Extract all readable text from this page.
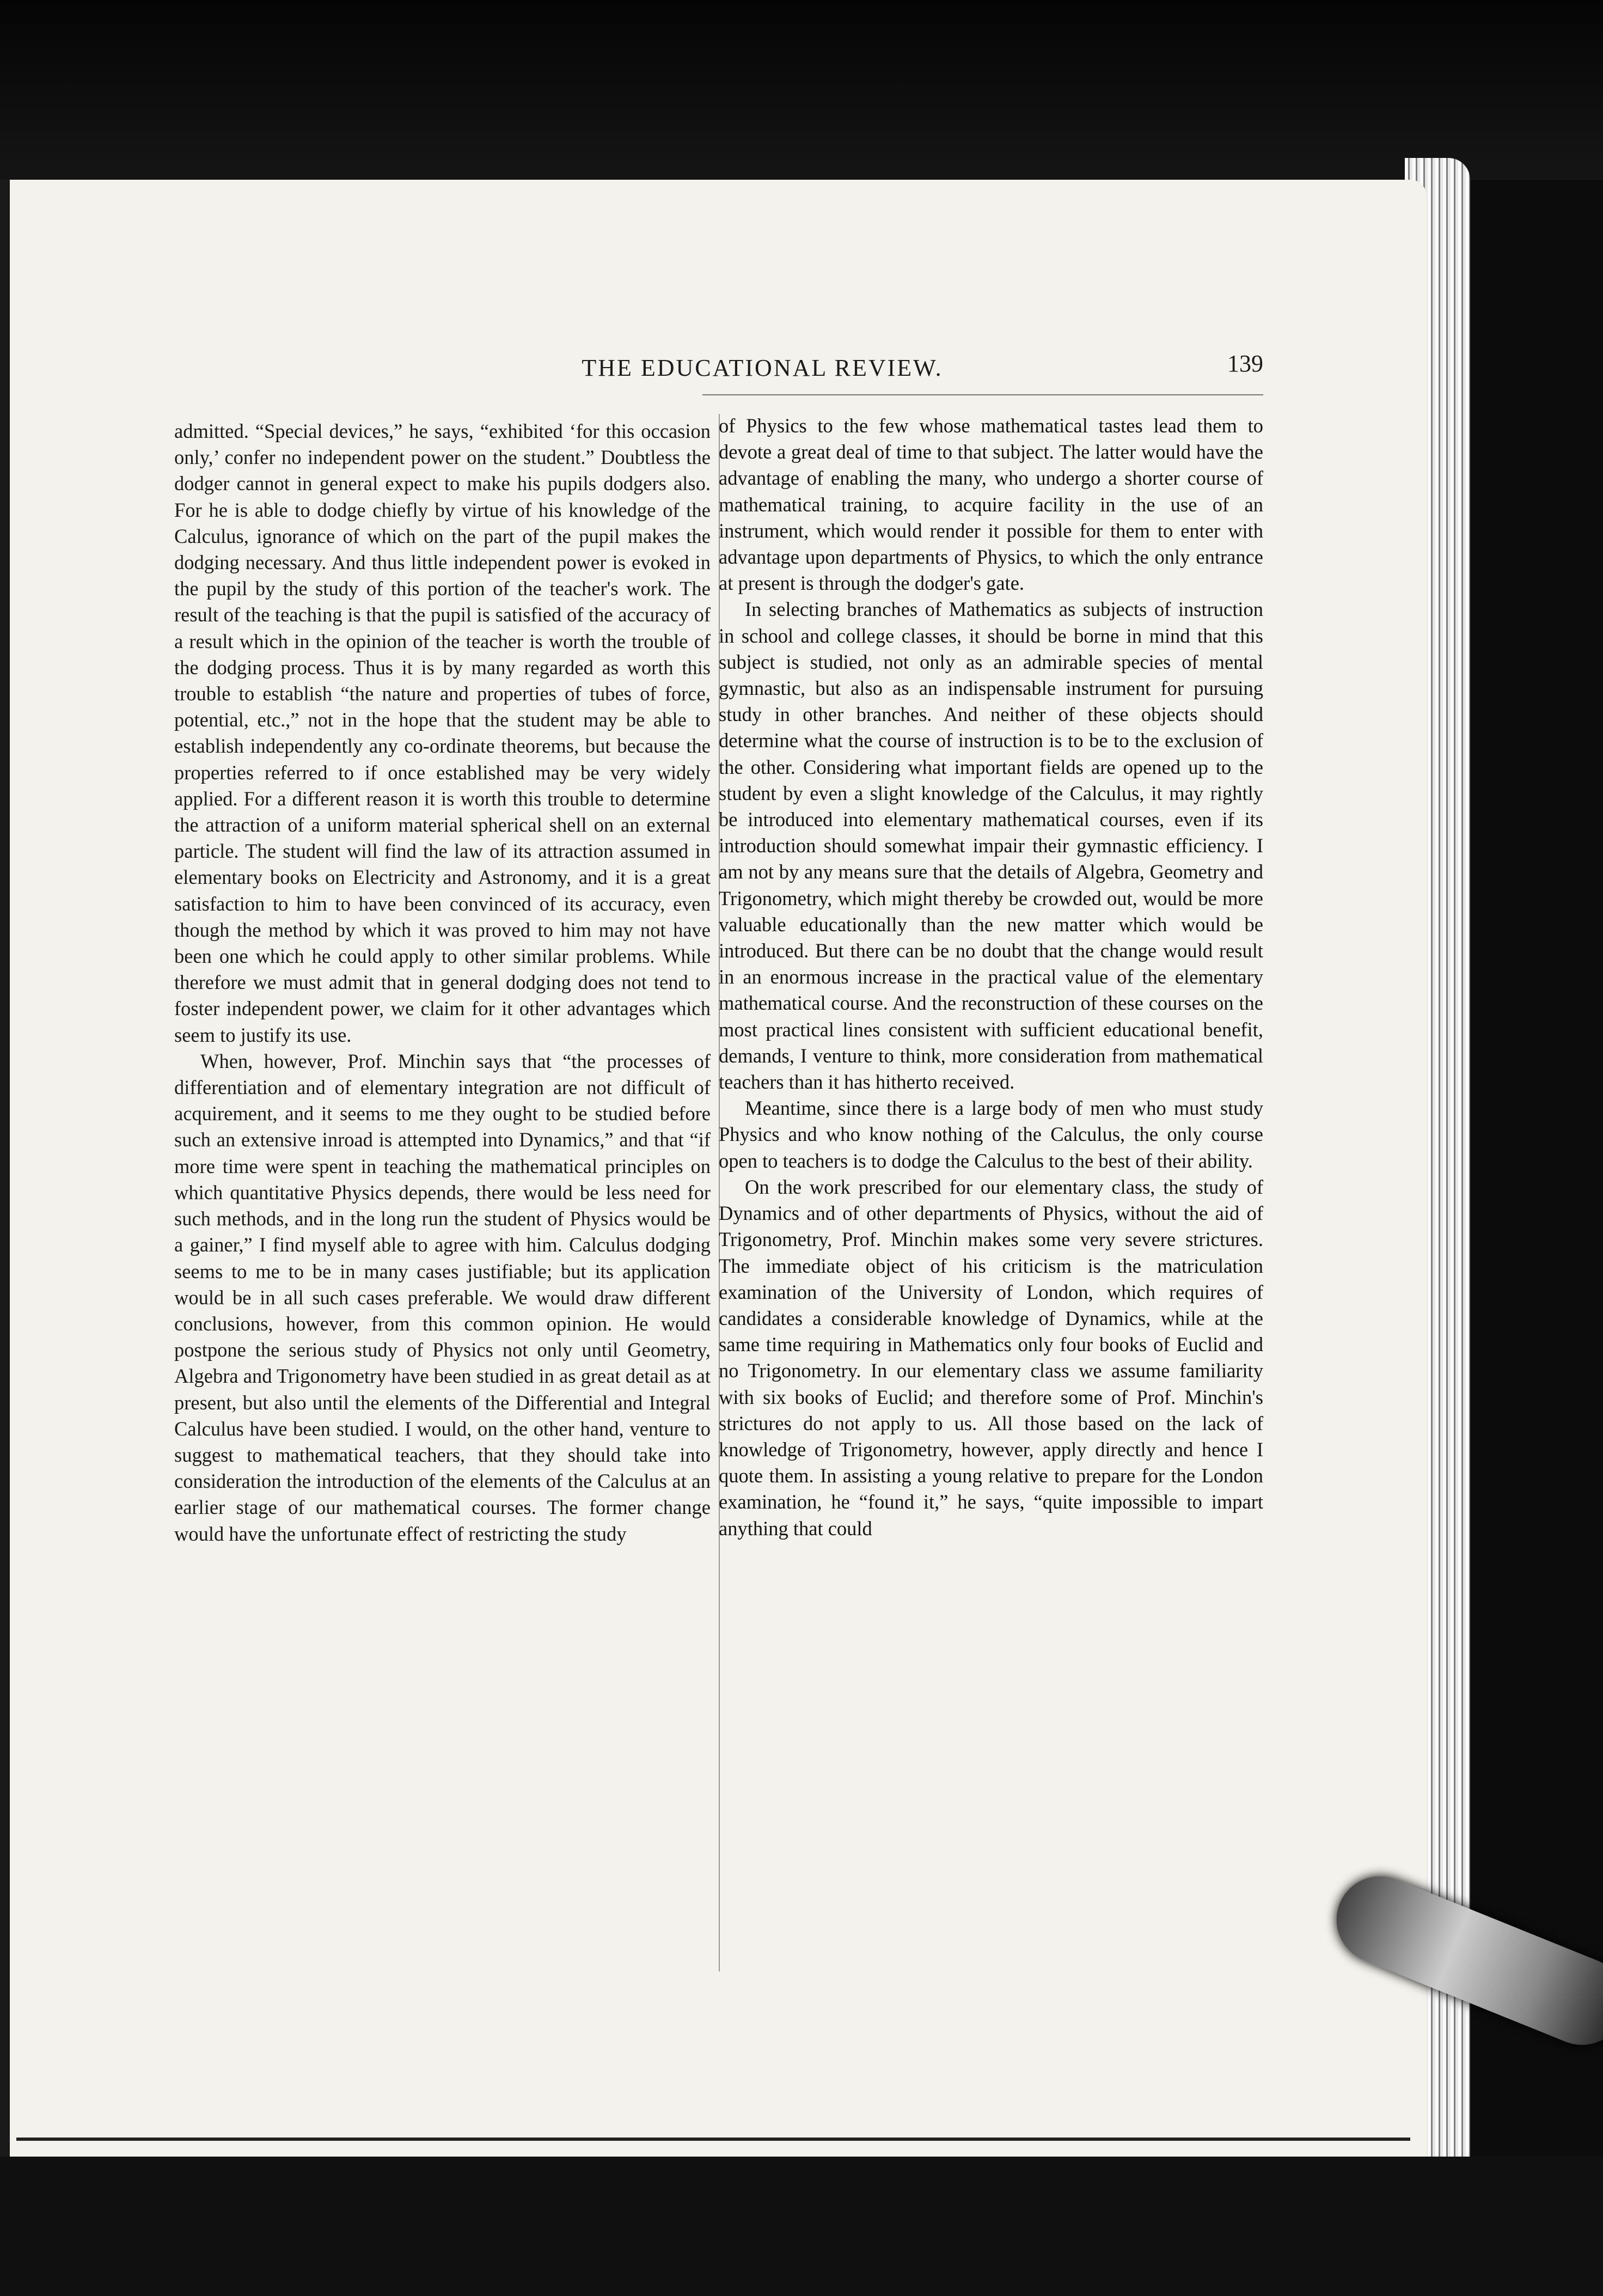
THE EDUCATIONAL REVIEW.	139

admitted. “Special devices,” he says, “exhibited ‘for this occasion only,’ confer no independent power on the student.” Doubtless the dodger cannot in general expect to make his pupils dodgers also. For he is able to dodge chiefly by virtue of his knowledge of the Calculus, ignorance of which on the part of the pupil makes the dodging necessary. And thus little independent power is evoked in the pupil by the study of this portion of the teacher's work. The result of the teaching is that the pupil is satisfied of the accuracy of a result which in the opinion of the teacher is worth the trouble of the dodging process. Thus it is by many regarded as worth this trouble to establish “the nature and properties of tubes of force, potential, etc.,” not in the hope that the student may be able to establish independently any co-ordinate theorems, but because the properties referred to if once established may be very widely applied. For a different reason it is worth this trouble to determine the attraction of a uniform material spherical shell on an external particle. The student will find the law of its attraction assumed in elementary books on Electricity and Astronomy, and it is a great satisfaction to him to have been convinced of its accuracy, even though the method by which it was proved to him may not have been one which he could apply to other similar problems. While therefore we must admit that in general dodging does not tend to foster independent power, we claim for it other advantages which seem to justify its use.

When, however, Prof. Minchin says that “the processes of differentiation and of elementary integration are not difficult of acquirement, and it seems to me they ought to be studied before such an extensive inroad is attempted into Dynamics,” and that “if more time were spent in teaching the mathematical principles on which quantitative Physics depends, there would be less need for such methods, and in the long run the student of Physics would be a gainer,” I find myself able to agree with him. Calculus dodging seems to me to be in many cases justifiable; but its application would be in all such cases preferable. We would draw different conclusions, however, from this common opinion. He would postpone the serious study of Physics not only until Geometry, Algebra and Trigonometry have been studied in as great detail as at present, but also until the elements of the Differential and Integral Calculus have been studied. I would, on the other hand, venture to suggest to mathematical teachers, that they should take into consideration the introduction of the elements of the Calculus at an earlier stage of our mathematical courses. The former change would have the unfortunate effect of restricting the study

of Physics to the few whose mathematical tastes lead them to devote a great deal of time to that subject. The latter would have the advantage of enabling the many, who undergo a shorter course of mathematical training, to acquire facility in the use of an instrument, which would render it possible for them to enter with advantage upon departments of Physics, to which the only entrance at present is through the dodger's gate.

In selecting branches of Mathematics as subjects of instruction in school and college classes, it should be borne in mind that this subject is studied, not only as an admirable species of mental gymnastic, but also as an indispensable instrument for pursuing study in other branches. And neither of these objects should determine what the course of instruction is to be to the exclusion of the other. Considering what important fields are opened up to the student by even a slight knowledge of the Calculus, it may rightly be introduced into elementary mathematical courses, even if its introduction should somewhat impair their gymnastic efficiency. I am not by any means sure that the details of Algebra, Geometry and Trigonometry, which might thereby be crowded out, would be more valuable educationally than the new matter which would be introduced. But there can be no doubt that the change would result in an enormous increase in the practical value of the elementary mathematical course. And the reconstruction of these courses on the most practical lines consistent with sufficient educational benefit, demands, I venture to think, more consideration from mathematical teachers than it has hitherto received.

Meantime, since there is a large body of men who must study Physics and who know nothing of the Calculus, the only course open to teachers is to dodge the Calculus to the best of their ability.

On the work prescribed for our elementary class, the study of Dynamics and of other departments of Physics, without the aid of Trigonometry, Prof. Minchin makes some very severe strictures. The immediate object of his criticism is the matriculation examination of the University of London, which requires of candidates a considerable knowledge of Dynamics, while at the same time requiring in Mathematics only four books of Euclid and no Trigonometry. In our elementary class we assume familiarity with six books of Euclid; and therefore some of Prof. Minchin's strictures do not apply to us. All those based on the lack of knowledge of Trigonometry, however, apply directly and hence I quote them. In assisting a young relative to prepare for the London examination, he “found it,” he says, “quite impossible to impart anything that could
